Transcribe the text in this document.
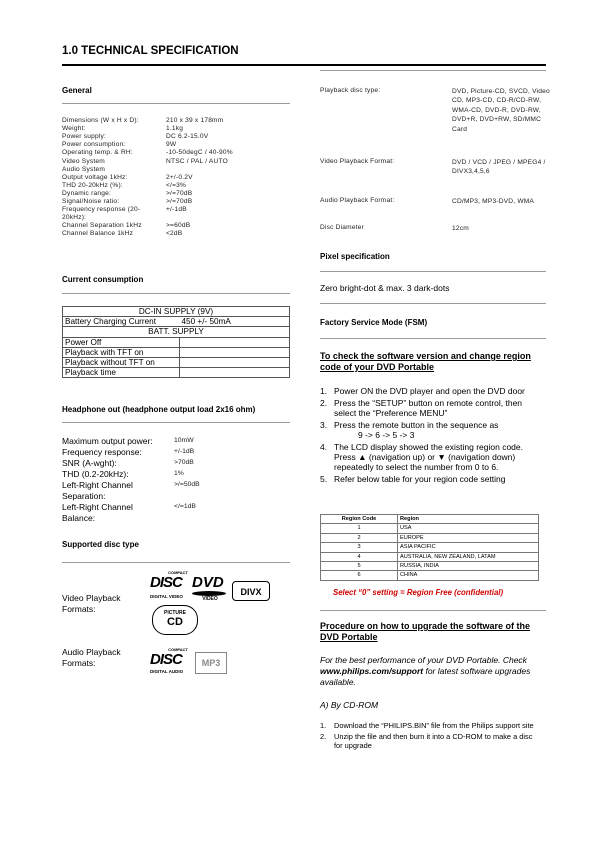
1.0 TECHNICAL SPECIFICATION
General
Dimensions (W x H x D):	210 x 39 x 178mm
Weight:	1.1kg
Power supply:	DC 6.2-15.0V
Power consumption:	9W
Operating temp. & RH:	-10-50degC / 40-90%
Video System	NTSC / PAL / AUTO
Audio System
Output voltage 1kHz:	2+/-0.2V
THD 20-20kHz (%):	</=3%
Dynamic range:	>/=70dB
Signal/Noise ratio:	>/=70dB
Frequency response (20-	+/-1dB
20kHz):
Channel Separation 1kHz	>=60dB
Channel Balance 1kHz	<2dB
Current consumption
DC-IN SUPPLY (9V)	
Battery Charging Current	450 +/- 50mA
BATT. SUPPLY	
Power Off	
Playback with TFT on	
Playback without TFT on	
Playback time	
Headphone out (headphone output load 2x16 ohm)
Maximum output power:	10mW
Frequency response:	+/-1dB
SNR (A-wght):	>70dB
THD (0.2-20kHz):	1%
Left-Right Channel	>/=50dB
Separation:
Left-Right Channel	</=1dB
Balance:
Supported disc type
Video Playback
Formats:
COMPACT
DISC
DIGITAL VIDEO
DVD
VIDEO
DIVX
PICTURE
CD
Audio Playback
Formats:
COMPACT
DISC
DIGITAL AUDIO
MP3
Playback disc type:	DVD, Picture-CD, SVCD, Video CD, MP3-CD, CD-R/CD-RW, WMA-CD, DVD-R, DVD-RW, DVD+R, DVD+RW, SD/MMC Card
Video Playback Format:	DVD / VCD / JPEG / MPEG4 / DIVX3,4,5,6
Audio Playback Format:	CD/MP3, MP3-DVD, WMA
Disc Diameter	12cm
Pixel specification
Zero bright-dot & max. 3 dark-dots
Factory Service Mode (FSM)
To check the software version and change region code of your DVD Portable
1. Power ON the DVD player and open the DVD door
2. Press the “SETUP” button on remote control, then select the “Preference MENU”
3. Press the remote button in the sequence as
9 -> 6 -> 5 -> 3
4. The LCD display showed the existing region code. Press ▲ (navigation up) or ▼ (navigation down) repeatedly to select the number from 0 to 6.
5. Refer below table for your region code setting
Region Code	Region
1	USA
2	EUROPE
3	ASIA PACIFIC
4	AUSTRALIA, NEW ZEALAND, LATAM
5	RUSSIA, INDIA
6	CHINA
Select “0” setting = Region Free (confidential)
Procedure on how to upgrade the software of the DVD Portable
For the best performance of your DVD Portable. Check www.philips.com/support for latest software upgrades available.
A) By CD-ROM
1. Download the “PHILIPS.BIN” file from the Philips support site
2. Unzip the file and then burn it into a CD-ROM to make a disc for upgrade
